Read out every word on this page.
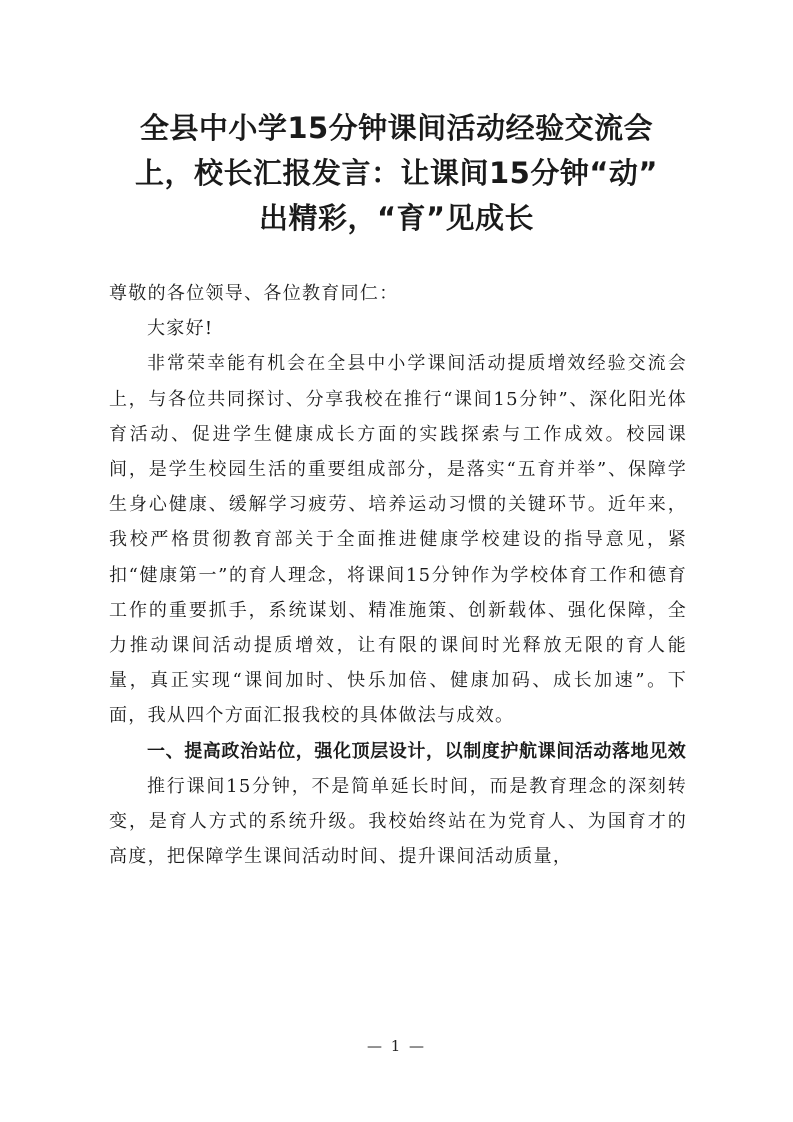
全县中小学15分钟课间活动经验交流会
上，校长汇报发言：让课间15分钟“动”
出精彩，“育”见成长

尊敬的各位领导、各位教育同仁：

大家好!

非常荣幸能有机会在全县中小学课间活动提质增效经验交流会上，与各位共同探讨、分享我校在推行“课间15分钟”、深化阳光体育活动、促进学生健康成长方面的实践探索与工作成效。校园课间，是学生校园生活的重要组成部分，是落实“五育并举”、保障学生身心健康、缓解学习疲劳、培养运动习惯的关键环节。近年来，我校严格贯彻教育部关于全面推进健康学校建设的指导意见，紧扣“健康第一”的育人理念，将课间15分钟作为学校体育工作和德育工作的重要抓手，系统谋划、精准施策、创新载体、强化保障，全力推动课间活动提质增效，让有限的课间时光释放无限的育人能量，真正实现“课间加时、快乐加倍、健康加码、成长加速”。下面，我从四个方面汇报我校的具体做法与成效。

一、提高政治站位，强化顶层设计，以制度护航课间活动落地见效

推行课间15分钟，不是简单延长时间，而是教育理念的深刻转变，是育人方式的系统升级。我校始终站在为党育人、为国育才的高度，把保障学生课间活动时间、提升课间活动质量，

— 1 —
